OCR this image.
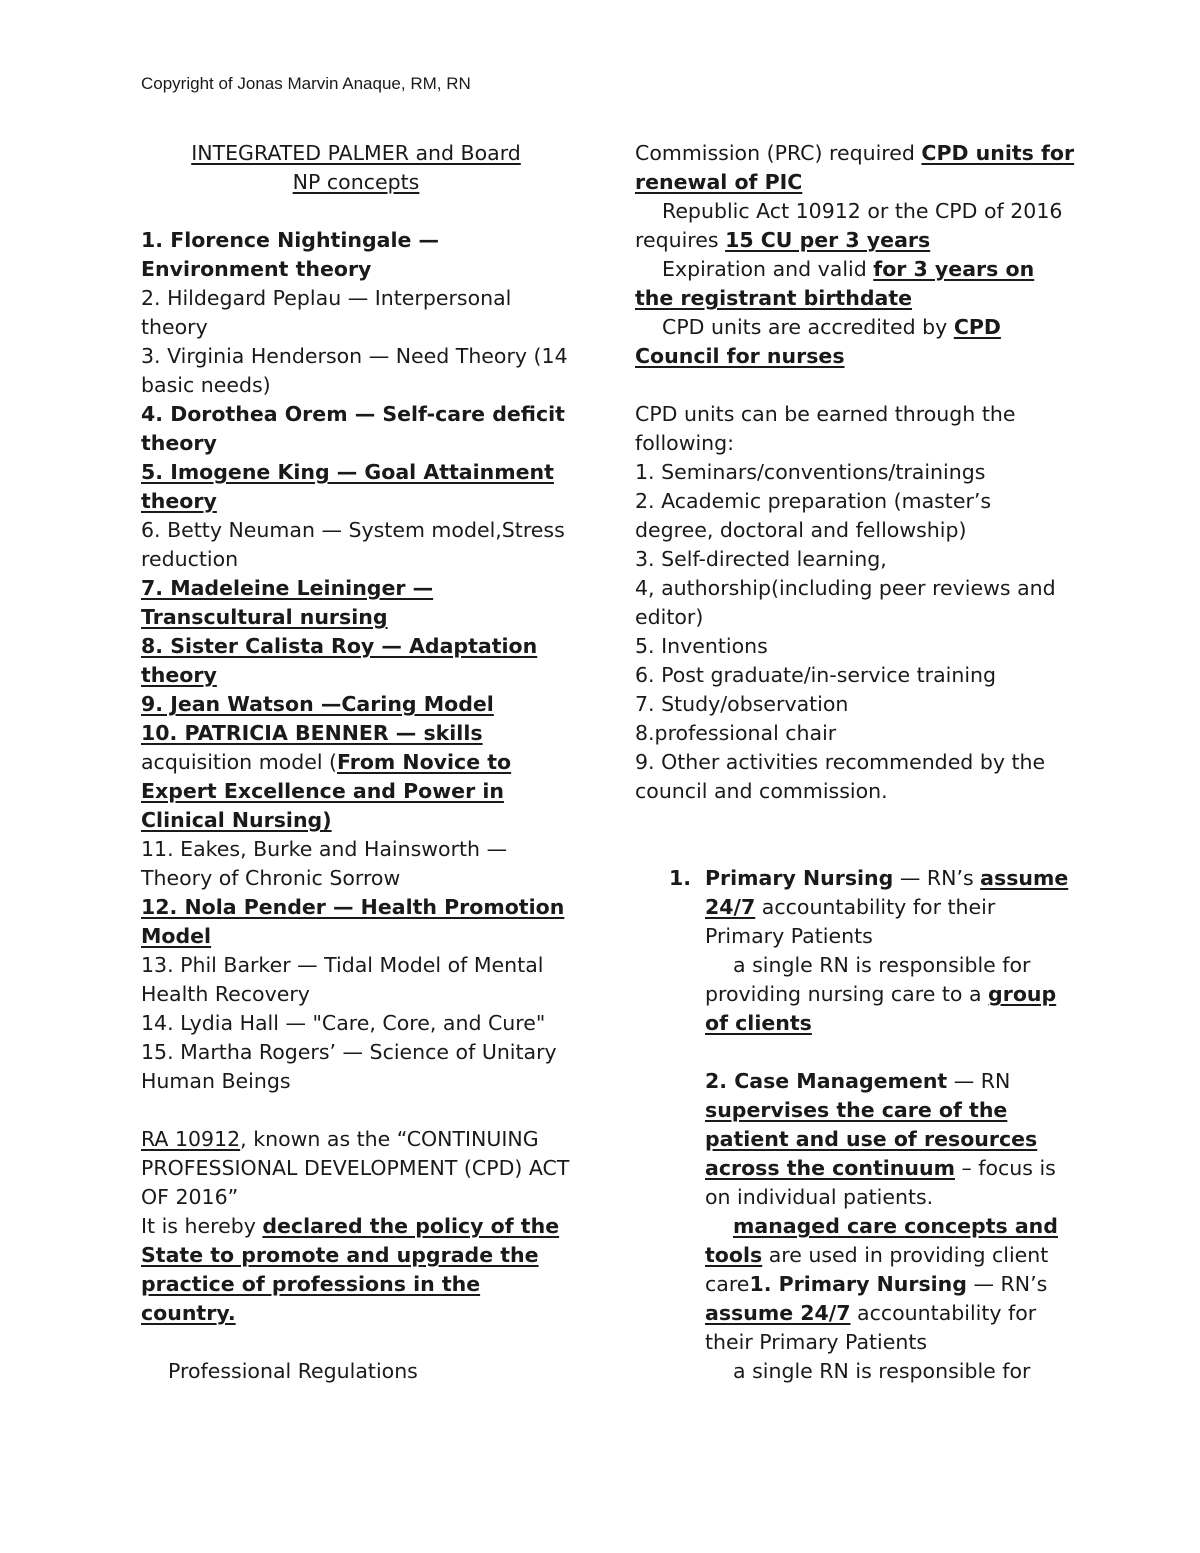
Copyright of Jonas Marvin Anaque, RM, RN

INTEGRATED PALMER and Board

NP concepts

1. Florence Nightingale — Environment theory

2. Hildegard Peplau — Interpersonal theory

3. Virginia Henderson — Need Theory (14 basic needs)

4. Dorothea Orem — Self-care deficit theory

5. Imogene King — Goal Attainment theory

6. Betty Neuman — System model,Stress reduction

7. Madeleine Leininger — Transcultural nursing

8. Sister Calista Roy — Adaptation theory

9. Jean Watson —Caring Model

10. PATRICIA BENNER — skills acquisition model (From Novice to Expert Excellence and Power in Clinical Nursing)

11. Eakes, Burke and Hainsworth — Theory of Chronic Sorrow

12. Nola Pender — Health Promotion Model

13. Phil Barker — Tidal Model of Mental Health Recovery

14. Lydia Hall — "Care, Core, and Cure"

15. Martha Rogers’ — Science of Unitary Human Beings

RA 10912, known as the “CONTINUING PROFESSIONAL DEVELOPMENT (CPD) ACT OF 2016”

It is hereby declared the policy of the State to promote and upgrade the practice of professions in the country.

Professional Regulations

Commission (PRC) required CPD units for renewal of PIC

Republic Act 10912 or the CPD of 2016 requires 15 CU per 3 years

Expiration and valid for 3 years on the registrant birthdate

CPD units are accredited by CPD Council for nurses

CPD units can be earned through the following:

1. Seminars/conventions/trainings

2. Academic preparation (master’s degree, doctoral and fellowship)

3. Self-directed learning,

4, authorship(including peer reviews and editor)

5. Inventions

6. Post graduate/in-service training

7. Study/observation

8.professional chair

9. Other activities recommended by the council and commission.

1. Primary Nursing — RN’s assume 24/7 accountability for their Primary Patients

a single RN is responsible for providing nursing care to a group of clients

2. Case Management — RN supervises the care of the patient and use of resources across the continuum – focus is on individual patients.

managed care concepts and tools are used in providing client care1. Primary Nursing — RN’s assume 24/7 accountability for their Primary Patients

a single RN is responsible for
